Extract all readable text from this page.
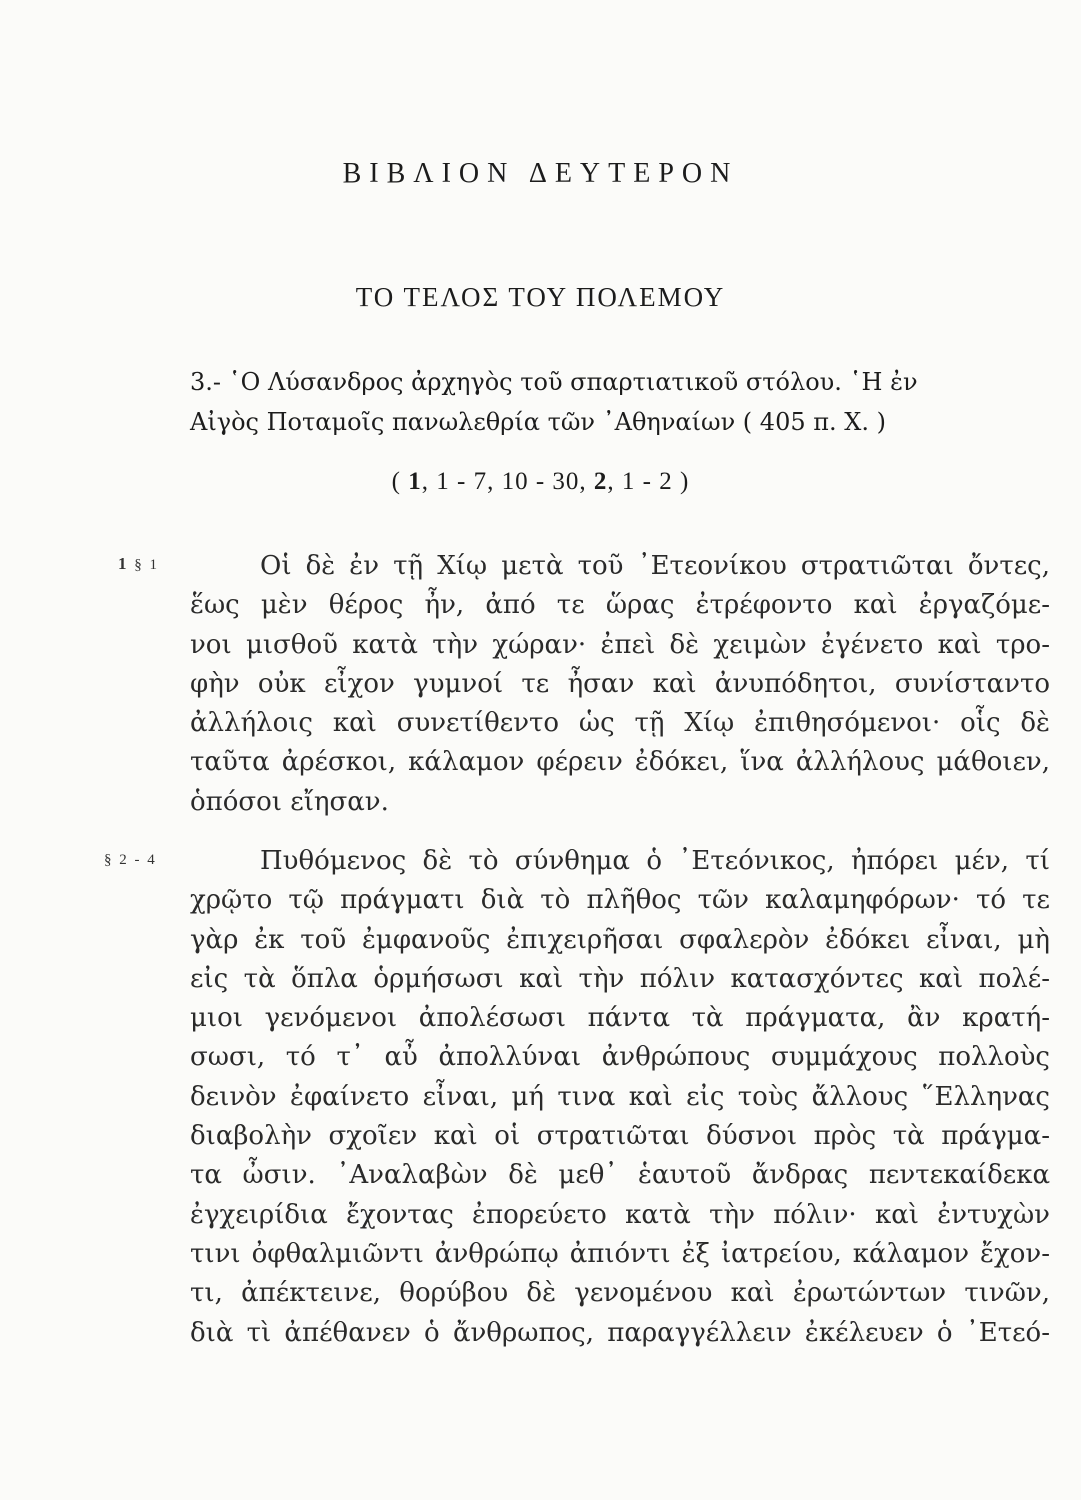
ΒΙΒΛΙΟΝ ΔΕΥΤΕΡΟΝ
ΤΟ ΤΕΛΟΣ ΤΟΥ ΠΟΛΕΜΟΥ
3.- ῾Ο Λύσανδρος ἀρχηγὸς τοῦ σπαρτιατικοῦ στόλου. ῾Η ἐν
Αἰγὸς Ποταμοῖς πανωλεθρία τῶν ᾿Αθηναίων ( 405 π. Χ. )
( 1, 1 - 7, 10 - 30, 2, 1 - 2 )
1 § 1
§ 2 - 4
Οἱ δὲ ἐν τῇ Χίῳ μετὰ τοῦ ᾿Ετεονίκου στρατιῶται ὄντες,
ἕως μὲν θέρος ἦν, ἀπό τε ὥρας ἐτρέφοντο καὶ ἐργαζόμε-
νοι μισθοῦ κατὰ τὴν χώραν· ἐπεὶ δὲ χειμὼν ἐγένετο καὶ τρο-
φὴν οὐκ εἶχον γυμνοί τε ἦσαν καὶ ἀνυπόδητοι, συνίσταντο
ἀλλήλοις καὶ συνετίθεντο ὡς τῇ Χίῳ ἐπιθησόμενοι· οἷς δὲ
ταῦτα ἀρέσκοι, κάλαμον φέρειν ἐδόκει, ἵνα ἀλλήλους μάθοιεν,
ὁπόσοι εἴησαν.
Πυθόμενος δὲ τὸ σύνθημα ὁ ᾿Ετεόνικος, ἠπόρει μέν, τί
χρῷτο τῷ πράγματι διὰ τὸ πλῆθος τῶν καλαμηφόρων· τό τε
γὰρ ἐκ τοῦ ἐμφανοῦς ἐπιχειρῆσαι σφαλερὸν ἐδόκει εἶναι, μὴ
εἰς τὰ ὅπλα ὁρμήσωσι καὶ τὴν πόλιν κατασχόντες καὶ πολέ-
μιοι γενόμενοι ἀπολέσωσι πάντα τὰ πράγματα, ἂν κρατή-
σωσι, τό τ᾿ αὖ ἀπολλύναι ἀνθρώπους συμμάχους πολλοὺς
δεινὸν ἐφαίνετο εἶναι, μή τινα καὶ εἰς τοὺς ἄλλους ῞Ελληνας
διαβολὴν σχοῖεν καὶ οἱ στρατιῶται δύσνοι πρὸς τὰ πράγμα-
τα ὦσιν. ᾿Αναλαβὼν δὲ μεθ᾿ ἑαυτοῦ ἄνδρας πεντεκαίδεκα
ἐγχειρίδια ἔχοντας ἐπορεύετο κατὰ τὴν πόλιν· καὶ ἐντυχὼν
τινι ὀφθαλμιῶντι ἀνθρώπῳ ἀπιόντι ἐξ ἰατρείου, κάλαμον ἔχον-
τι, ἀπέκτεινε, θορύβου δὲ γενομένου καὶ ἐρωτώντων τινῶν,
διὰ τὶ ἀπέθανεν ὁ ἄνθρωπος, παραγγέλλειν ἐκέλευεν ὁ ᾿Ετεό-
